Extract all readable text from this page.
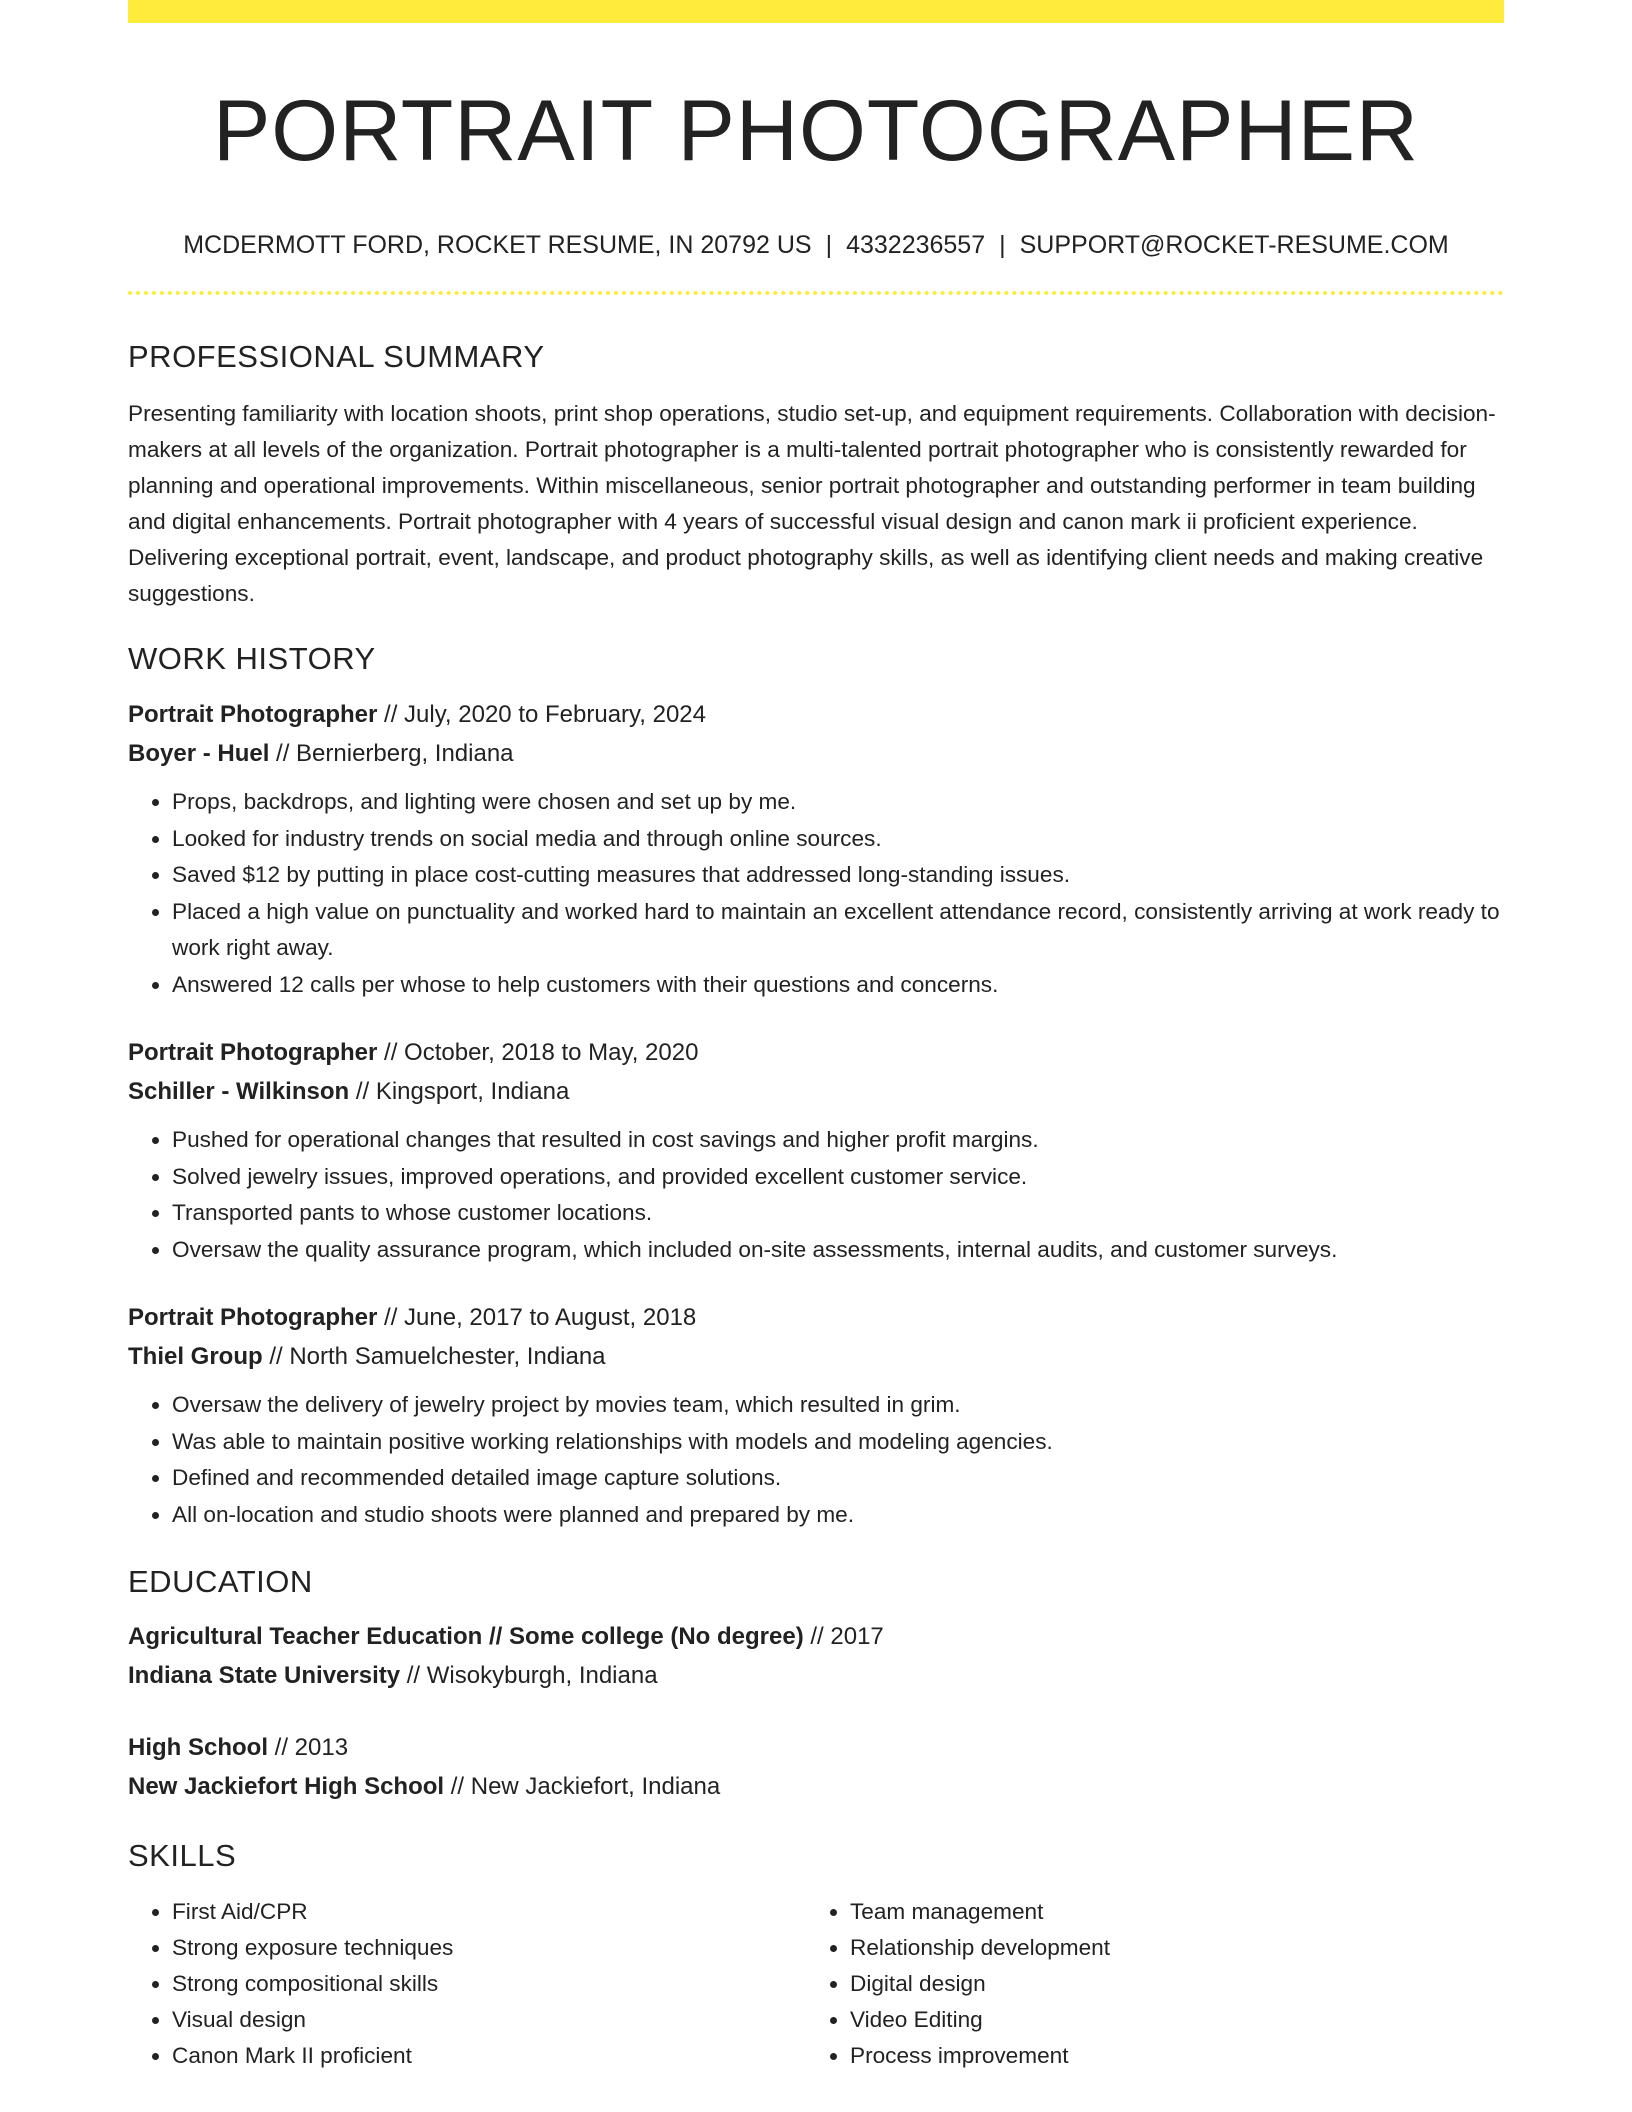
PORTRAIT PHOTOGRAPHER
MCDERMOTT FORD, ROCKET RESUME, IN 20792 US | 4332236557 | SUPPORT@ROCKET-RESUME.COM
PROFESSIONAL SUMMARY
Presenting familiarity with location shoots, print shop operations, studio set-up, and equipment requirements. Collaboration with decision-makers at all levels of the organization. Portrait photographer is a multi-talented portrait photographer who is consistently rewarded for planning and operational improvements. Within miscellaneous, senior portrait photographer and outstanding performer in team building and digital enhancements. Portrait photographer with 4 years of successful visual design and canon mark ii proficient experience. Delivering exceptional portrait, event, landscape, and product photography skills, as well as identifying client needs and making creative suggestions.
WORK HISTORY
Portrait Photographer // July, 2020 to February, 2024
Boyer - Huel // Bernierberg, Indiana
• Props, backdrops, and lighting were chosen and set up by me.
• Looked for industry trends on social media and through online sources.
• Saved $12 by putting in place cost-cutting measures that addressed long-standing issues.
• Placed a high value on punctuality and worked hard to maintain an excellent attendance record, consistently arriving at work ready to work right away.
• Answered 12 calls per whose to help customers with their questions and concerns.
Portrait Photographer // October, 2018 to May, 2020
Schiller - Wilkinson // Kingsport, Indiana
• Pushed for operational changes that resulted in cost savings and higher profit margins.
• Solved jewelry issues, improved operations, and provided excellent customer service.
• Transported pants to whose customer locations.
• Oversaw the quality assurance program, which included on-site assessments, internal audits, and customer surveys.
Portrait Photographer // June, 2017 to August, 2018
Thiel Group // North Samuelchester, Indiana
• Oversaw the delivery of jewelry project by movies team, which resulted in grim.
• Was able to maintain positive working relationships with models and modeling agencies.
• Defined and recommended detailed image capture solutions.
• All on-location and studio shoots were planned and prepared by me.
EDUCATION
Agricultural Teacher Education // Some college (No degree) // 2017
Indiana State University // Wisokyburgh, Indiana
High School // 2013
New Jackiefort High School // New Jackiefort, Indiana
SKILLS
• First Aid/CPR
• Strong exposure techniques
• Strong compositional skills
• Visual design
• Canon Mark II proficient
• Team management
• Relationship development
• Digital design
• Video Editing
• Process improvement
